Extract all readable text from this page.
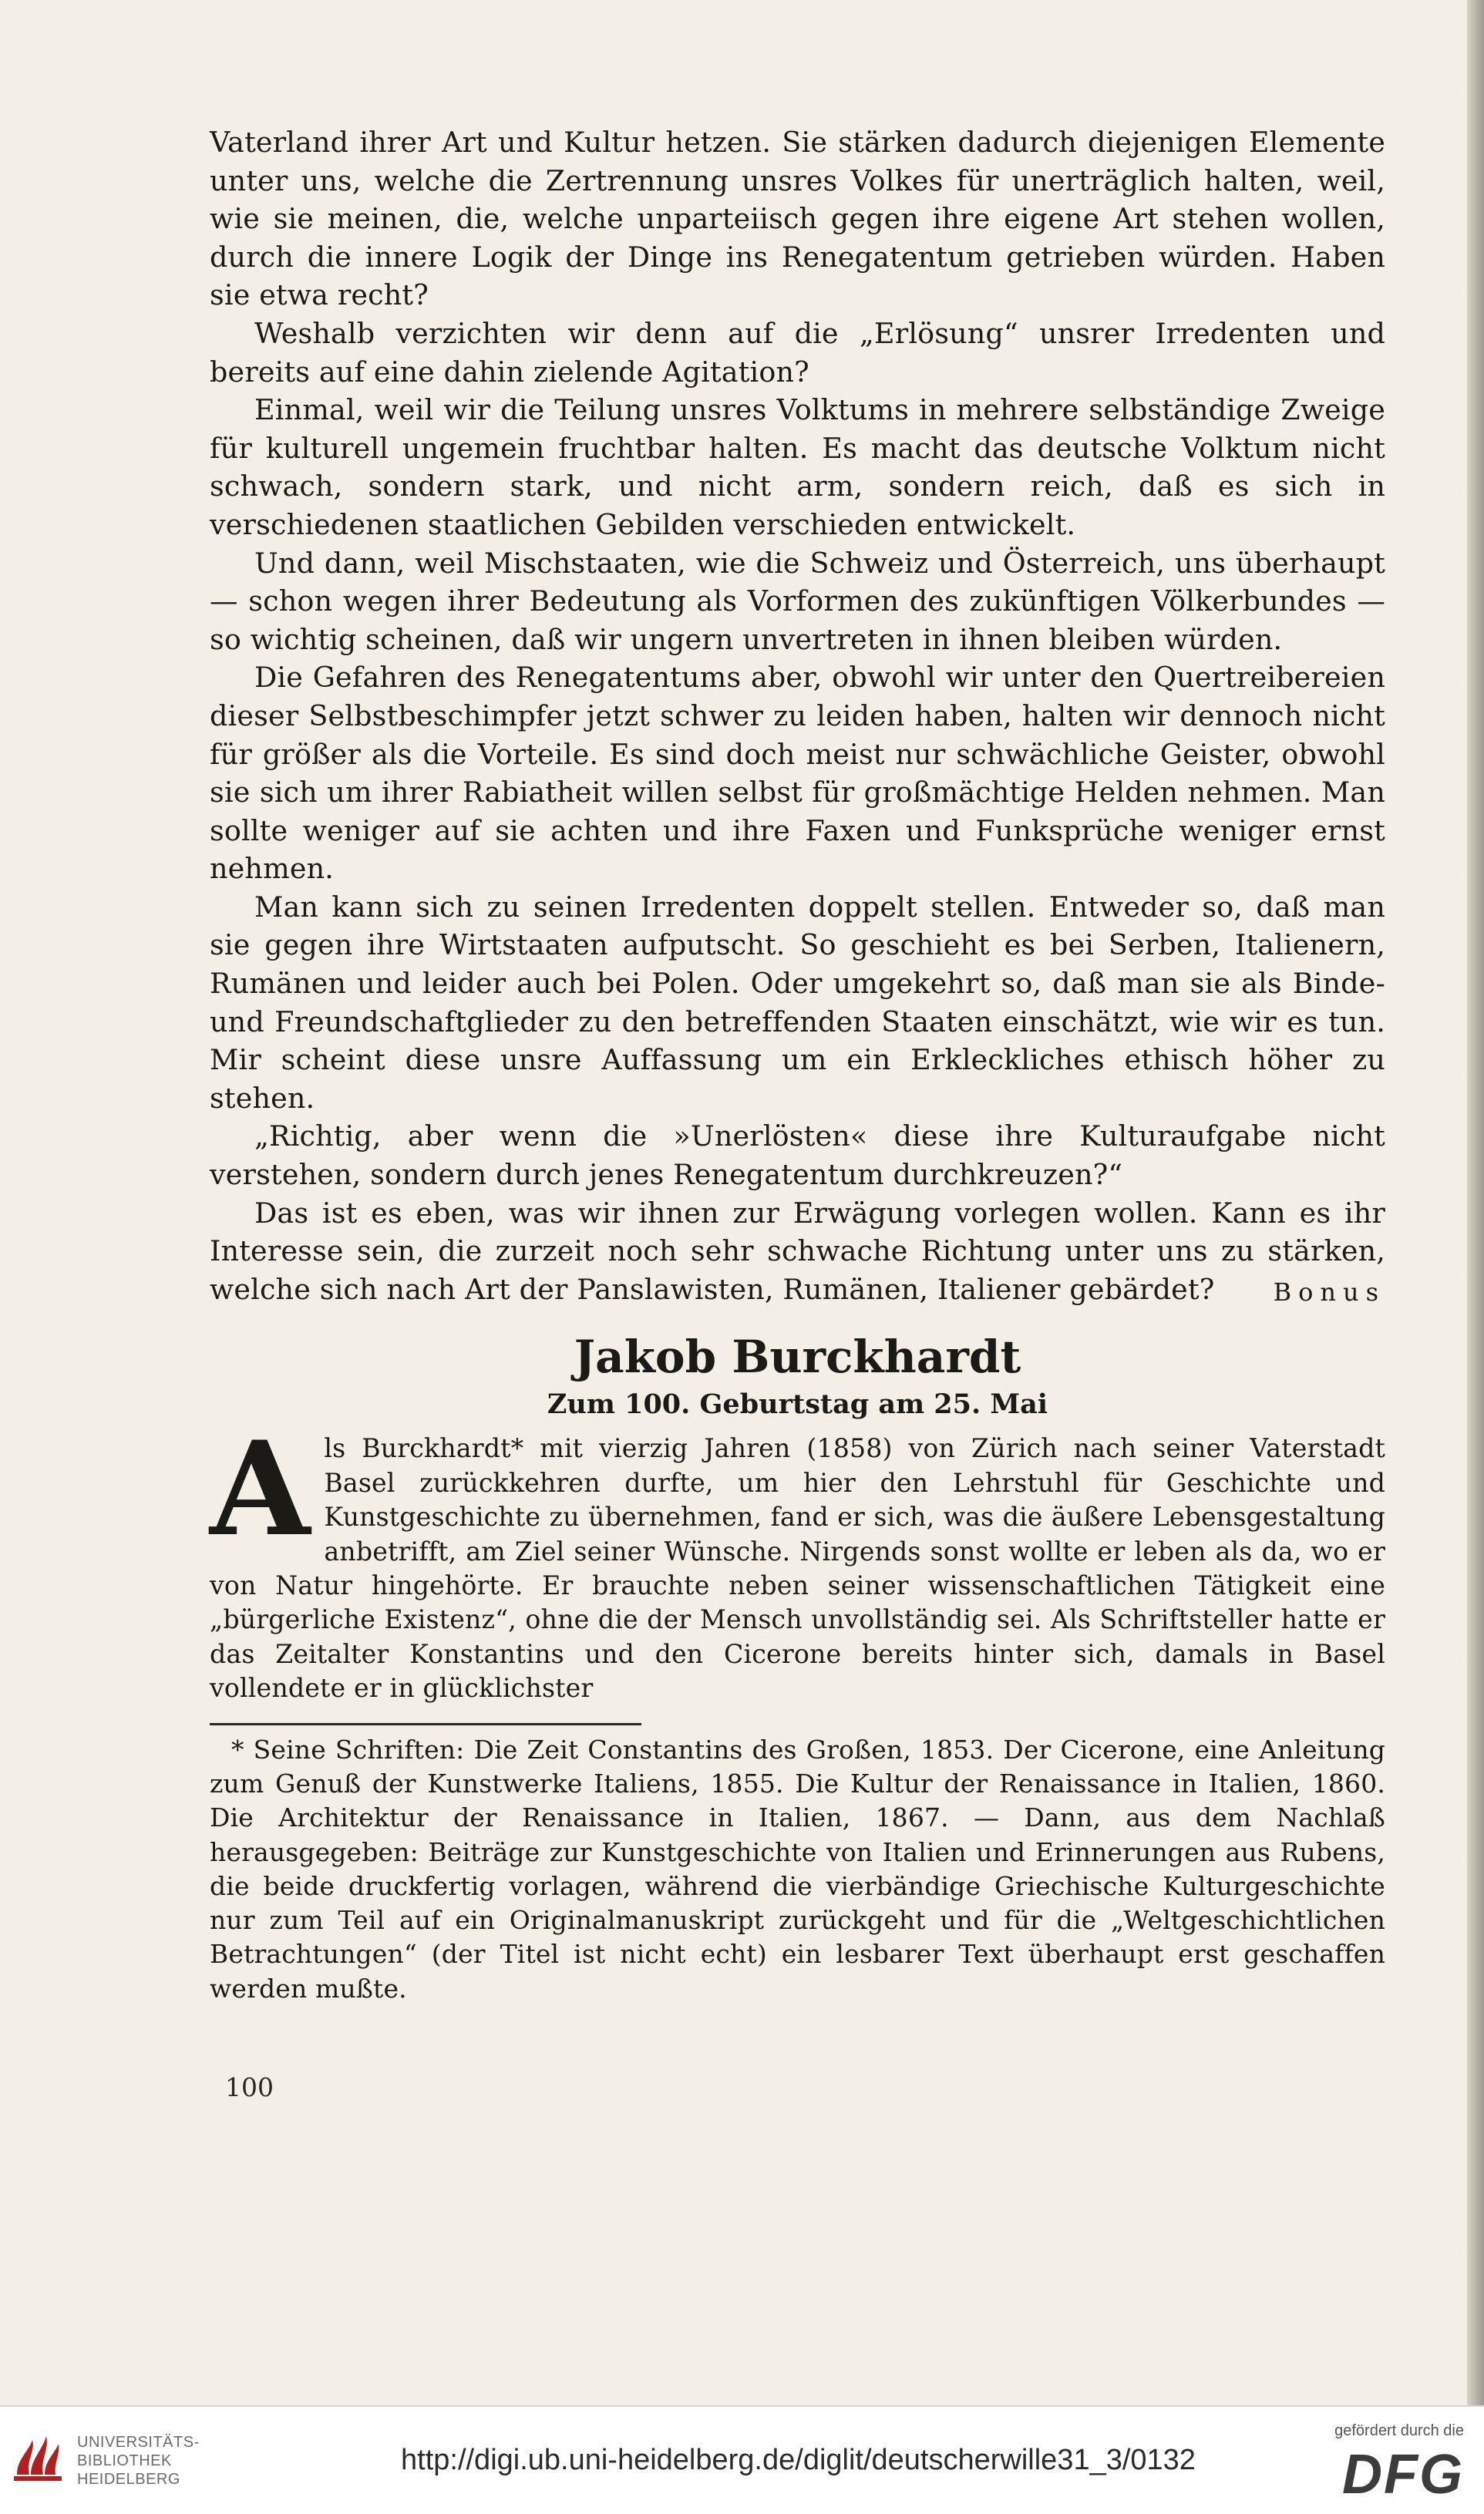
Vaterland ihrer Art und Kultur hetzen. Sie stärken dadurch diejenigen Elemente unter uns, welche die Zertrennung unsres Volkes für unerträglich halten, weil, wie sie meinen, die, welche unparteiisch gegen ihre eigene Art stehen wollen, durch die innere Logik der Dinge ins Renegatentum getrieben würden. Haben sie etwa recht?

Weshalb verzichten wir denn auf die „Erlösung“ unsrer Irredenten und bereits auf eine dahin zielende Agitation?

Einmal, weil wir die Teilung unsres Volktums in mehrere selbständige Zweige für kulturell ungemein fruchtbar halten. Es macht das deutsche Volktum nicht schwach, sondern stark, und nicht arm, sondern reich, daß es sich in verschiedenen staatlichen Gebilden verschieden entwickelt.

Und dann, weil Mischstaaten, wie die Schweiz und Österreich, uns überhaupt — schon wegen ihrer Bedeutung als Vorformen des zukünftigen Völkerbundes — so wichtig scheinen, daß wir ungern unvertreten in ihnen bleiben würden.

Die Gefahren des Renegatentums aber, obwohl wir unter den Quertreibereien dieser Selbstbeschimpfer jetzt schwer zu leiden haben, halten wir dennoch nicht für größer als die Vorteile. Es sind doch meist nur schwächliche Geister, obwohl sie sich um ihrer Rabiatheit willen selbst für großmächtige Helden nehmen. Man sollte weniger auf sie achten und ihre Faxen und Funksprüche weniger ernst nehmen.

Man kann sich zu seinen Irredenten doppelt stellen. Entweder so, daß man sie gegen ihre Wirtstaaten aufputscht. So geschieht es bei Serben, Italienern, Rumänen und leider auch bei Polen. Oder umgekehrt so, daß man sie als Binde- und Freundschaftglieder zu den betreffenden Staaten einschätzt, wie wir es tun. Mir scheint diese unsre Auffassung um ein Erkleckliches ethisch höher zu stehen.

„Richtig, aber wenn die »Unerlösten« diese ihre Kulturaufgabe nicht verstehen, sondern durch jenes Renegatentum durchkreuzen?“

Das ist es eben, was wir ihnen zur Erwägung vorlegen wollen. Kann es ihr Interesse sein, die zurzeit noch sehr schwache Richtung unter uns zu stärken, welche sich nach Art der Panslawisten, Rumänen, Italiener gebärdet?	Bonus
Jakob Burckhardt
Zum 100. Geburtstag am 25. Mai
A ls Burckhardt* mit vierzig Jahren (1858) von Zürich nach seiner Vaterstadt Basel zurückkehren durfte, um hier den Lehrstuhl für Geschichte und Kunstgeschichte zu übernehmen, fand er sich, was die äußere Lebensgestaltung anbetrifft, am Ziel seiner Wünsche. Nirgends sonst wollte er leben als da, wo er von Natur hingehörte. Er brauchte neben seiner wissenschaftlichen Tätigkeit eine „bürgerliche Existenz“, ohne die der Mensch unvollständig sei. Als Schriftsteller hatte er das Zeitalter Konstantins und den Cicerone bereits hinter sich, damals in Basel vollendete er in glücklichster

* Seine Schriften: Die Zeit Constantins des Großen, 1853. Der Cicerone, eine Anleitung zum Genuß der Kunstwerke Italiens, 1855. Die Kultur der Renaissance in Italien, 1860. Die Architektur der Renaissance in Italien, 1867. — Dann, aus dem Nachlaß herausgegeben: Beiträge zur Kunstgeschichte von Italien und Erinnerungen aus Rubens, die beide druckfertig vorlagen, während die vierbändige Griechische Kulturgeschichte nur zum Teil auf ein Originalmanuskript zurückgeht und für die „Weltgeschichtlichen Betrachtungen“ (der Titel ist nicht echt) ein lesbarer Text überhaupt erst geschaffen werden mußte.

100
UNIVERSITÄTS-
BIBLIOTHEK
HEIDELBERG
http://digi.ub.uni-heidelberg.de/diglit/deutscherwille31_3/0132
gefördert durch die
DFG
